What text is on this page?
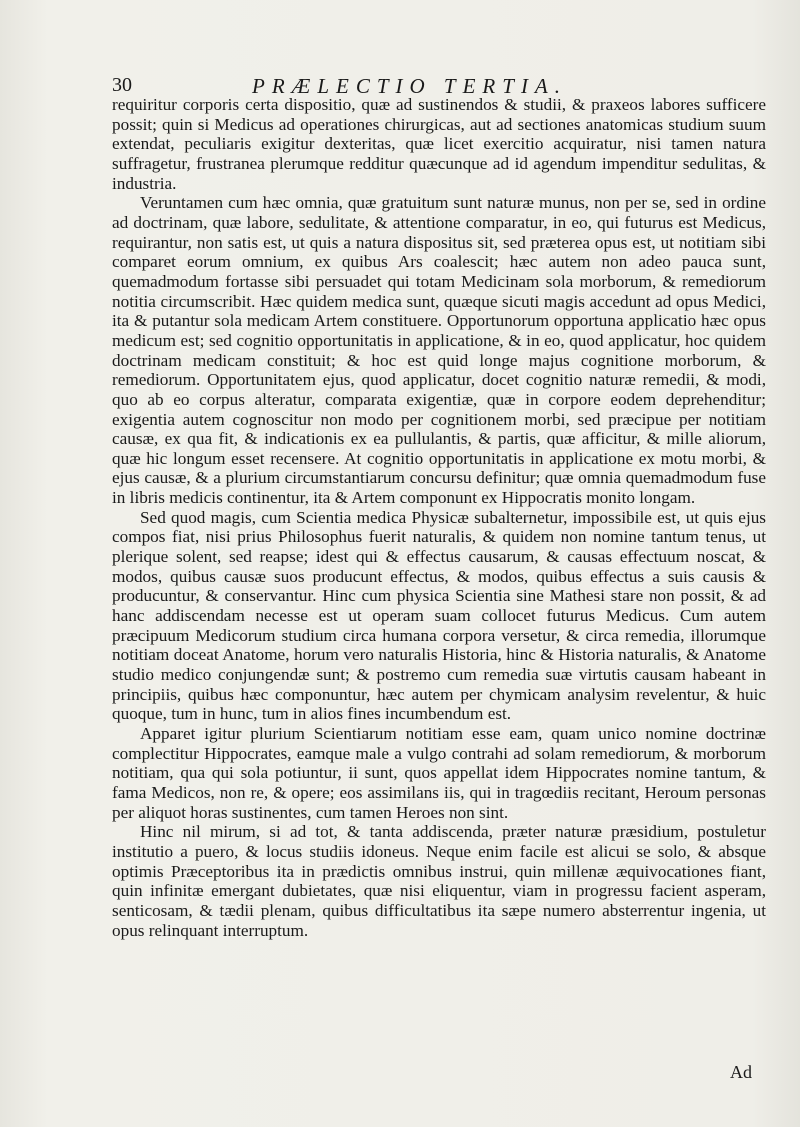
30	PRÆLECTIO TERTIA.

requiritur corporis certa dispositio, quæ ad sustinendos & studii, & praxeos labores sufficere possit; quin si Medicus ad operationes chirurgicas, aut ad sectiones anatomicas studium suum extendat, peculiaris exigitur dexteritas, quæ licet exercitio acquiratur, nisi tamen natura suffragetur, frustranea plerumque redditur quæcunque ad id agendum impenditur sedulitas, & industria.

Veruntamen cum hæc omnia, quæ gratuitum sunt naturæ munus, non per se, sed in ordine ad doctrinam, quæ labore, sedulitate, & attentione comparatur, in eo, qui futurus est Medicus, requirantur, non satis est, ut quis a natura dispositus sit, sed præterea opus est, ut notitiam sibi comparet eorum omnium, ex quibus Ars coalescit; hæc autem non adeo pauca sunt, quemadmodum fortasse sibi persuadet qui totam Medicinam sola morborum, & remediorum notitia circumscribit. Hæc quidem medica sunt, quæque sicuti magis accedunt ad opus Medici, ita & putantur sola medicam Artem constituere. Opportunorum opportuna applicatio hæc opus medicum est; sed cognitio opportunitatis in applicatione, & in eo, quod applicatur, hoc quidem doctrinam medicam constituit; & hoc est quid longe majus cognitione morborum, & remediorum. Opportunitatem ejus, quod applicatur, docet cognitio naturæ remedii, & modi, quo ab eo corpus alteratur, comparata exigentiæ, quæ in corpore eodem deprehenditur; exigentia autem cognoscitur non modo per cognitionem morbi, sed præcipue per notitiam causæ, ex qua fit, & indicationis ex ea pullulantis, & partis, quæ afficitur, & mille aliorum, quæ hic longum esset recensere. At cognitio opportunitatis in applicatione ex motu morbi, & ejus causæ, & a plurium circumstantiarum concursu definitur; quæ omnia quemadmodum fuse in libris medicis continentur, ita & Artem componunt ex Hippocratis monito longam.

Sed quod magis, cum Scientia medica Physicæ subalternetur, impossibile est, ut quis ejus compos fiat, nisi prius Philosophus fuerit naturalis, & quidem non nomine tantum tenus, ut plerique solent, sed reapse; idest qui & effectus causarum, & causas effectuum noscat, & modos, quibus causæ suos producunt effectus, & modos, quibus effectus a suis causis & producuntur, & conservantur. Hinc cum physica Scientia sine Mathesi stare non possit, & ad hanc addiscendam necesse est ut operam suam collocet futurus Medicus. Cum autem præcipuum Medicorum studium circa humana corpora versetur, & circa remedia, illorumque notitiam doceat Anatome, horum vero naturalis Historia, hinc & Historia naturalis, & Anatome studio medico conjungendæ sunt; & postremo cum remedia suæ virtutis causam habeant in principiis, quibus hæc componuntur, hæc autem per chymicam analysim revelentur, & huic quoque, tum in hunc, tum in alios fines incumbendum est.

Apparet igitur plurium Scientiarum notitiam esse eam, quam unico nomine doctrinæ complectitur Hippocrates, eamque male a vulgo contrahi ad solam remediorum, & morborum notitiam, qua qui sola potiuntur, ii sunt, quos appellat idem Hippocrates nomine tantum, & fama Medicos, non re, & opere; eos assimilans iis, qui in tragœdiis recitant, Heroum personas per aliquot horas sustinentes, cum tamen Heroes non sint.

Hinc nil mirum, si ad tot, & tanta addiscenda, præter naturæ præsidium, postuletur institutio a puero, & locus studiis idoneus. Neque enim facile est alicui se solo, & absque optimis Præceptoribus ita in prædictis omnibus instrui, quin millenæ æquivocationes fiant, quin infinitæ emergant dubietates, quæ nisi eliquentur, viam in progressu facient asperam, senticosam, & tædii plenam, quibus difficultatibus ita sæpe numero absterrentur ingenia, ut opus relinquant interruptum.

Ad
